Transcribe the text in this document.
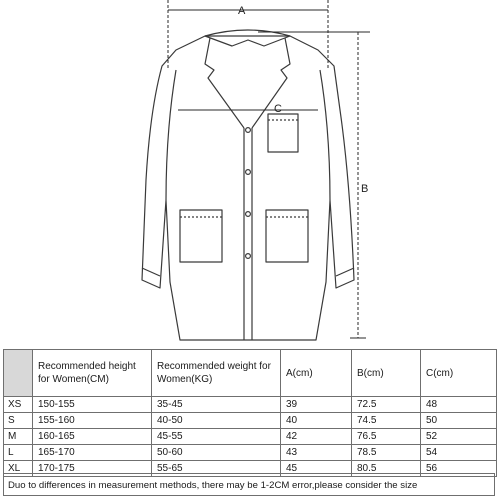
A
B
C
	Recommended height for Women(CM)	Recommended weight for Women(KG)	A(cm)	B(cm)	C(cm)
XS	150-155	35-45	39	72.5	48
S	155-160	40-50	40	74.5	50
M	160-165	45-55	42	76.5	52
L	165-170	50-60	43	78.5	54
XL	170-175	55-65	45	80.5	56
Duo to differences in measurement methods, there may be 1-2CM error,please consider the size
